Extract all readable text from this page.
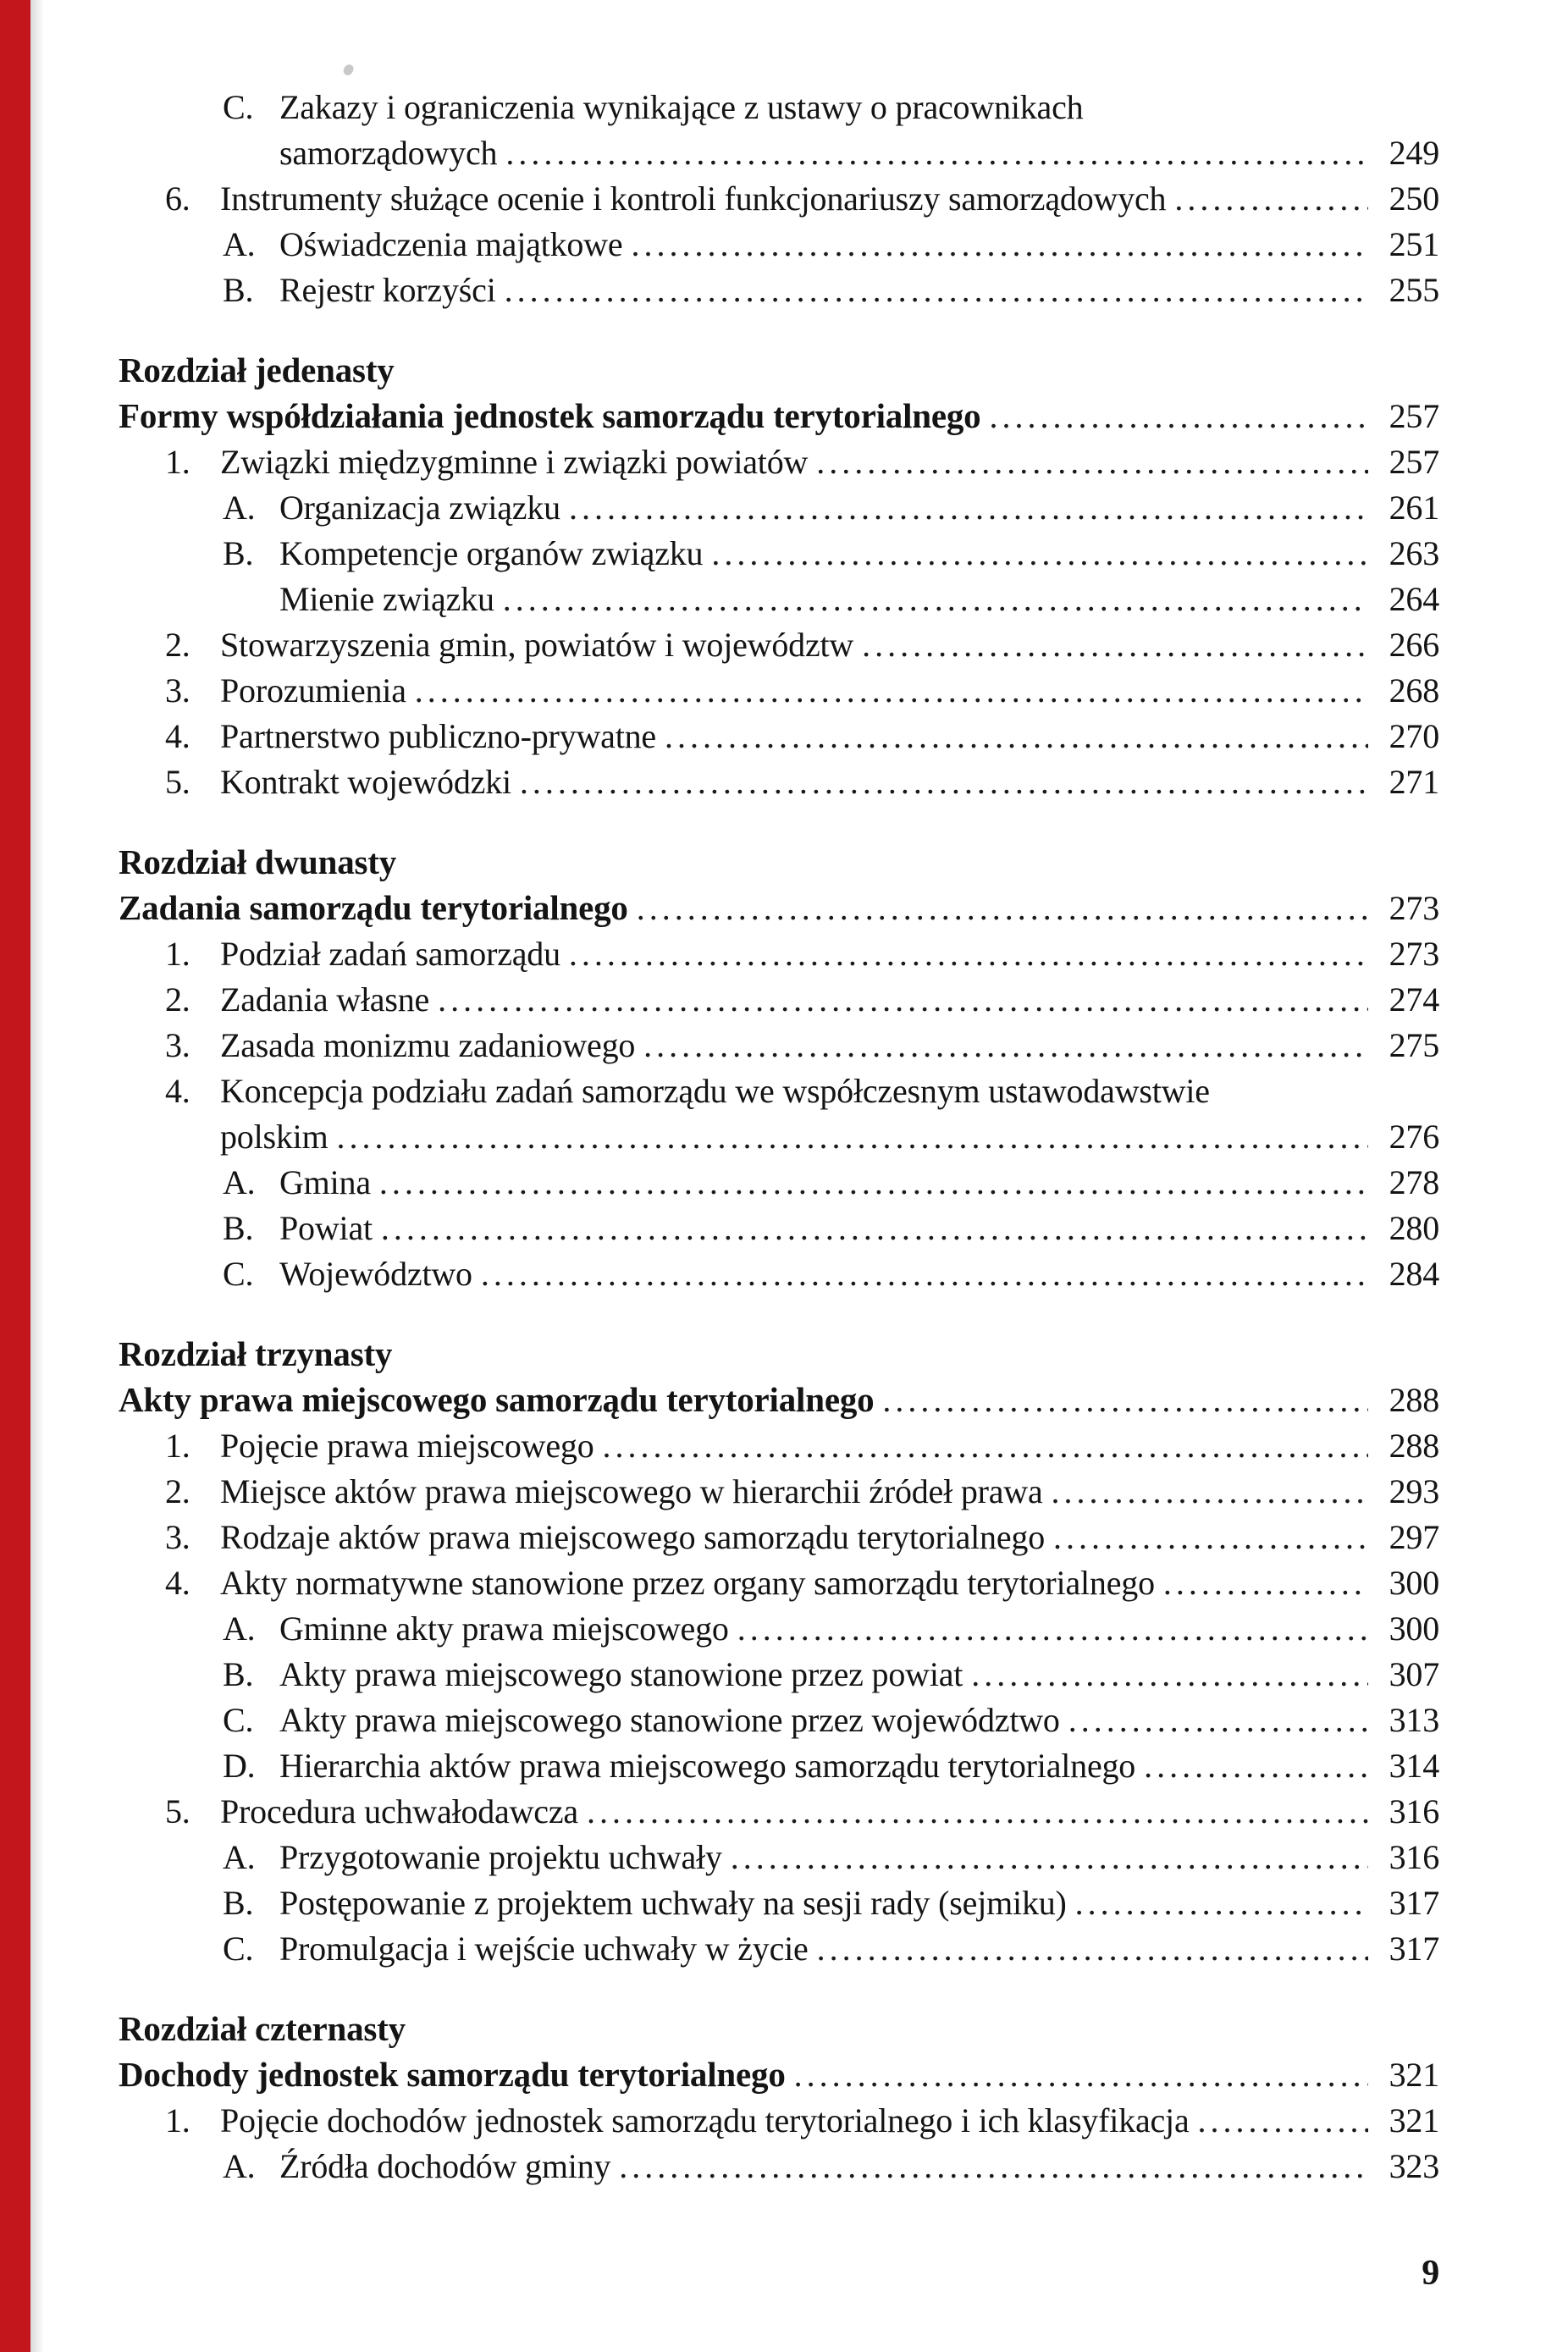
C. Zakazy i ograniczenia wynikające z ustawy o pracownikach
samorządowych .....	249
6. Instrumenty służące ocenie i kontroli funkcjonariuszy samorządowych .....	250
A. Oświadczenia majątkowe .....	251
B. Rejestr korzyści .....	255
Rozdział jedenasty
Formy współdziałania jednostek samorządu terytorialnego .....	257
1. Związki międzygminne i związki powiatów .....	257
A. Organizacja związku .....	261
B. Kompetencje organów związku .....	263
Mienie związku .....	264
2. Stowarzyszenia gmin, powiatów i województw .....	266
3. Porozumienia .....	268
4. Partnerstwo publiczno-prywatne .....	270
5. Kontrakt wojewódzki .....	271
Rozdział dwunasty
Zadania samorządu terytorialnego .....	273
1. Podział zadań samorządu .....	273
2. Zadania własne .....	274
3. Zasada monizmu zadaniowego .....	275
4. Koncepcja podziału zadań samorządu we współczesnym ustawodawstwie
polskim .....	276
A. Gmina .....	278
B. Powiat .....	280
C. Województwo .....	284
Rozdział trzynasty
Akty prawa miejscowego samorządu terytorialnego .....	288
1. Pojęcie prawa miejscowego .....	288
2. Miejsce aktów prawa miejscowego w hierarchii źródeł prawa .....	293
3. Rodzaje aktów prawa miejscowego samorządu terytorialnego .....	297
4. Akty normatywne stanowione przez organy samorządu terytorialnego .....	300
A. Gminne akty prawa miejscowego .....	300
B. Akty prawa miejscowego stanowione przez powiat .....	307
C. Akty prawa miejscowego stanowione przez województwo .....	313
D. Hierarchia aktów prawa miejscowego samorządu terytorialnego .....	314
5. Procedura uchwałodawcza .....	316
A. Przygotowanie projektu uchwały .....	316
B. Postępowanie z projektem uchwały na sesji rady (sejmiku) .....	317
C. Promulgacja i wejście uchwały w życie .....	317
Rozdział czternasty
Dochody jednostek samorządu terytorialnego .....	321
1. Pojęcie dochodów jednostek samorządu terytorialnego i ich klasyfikacja .....	321
A. Źródła dochodów gminy .....	323
9
